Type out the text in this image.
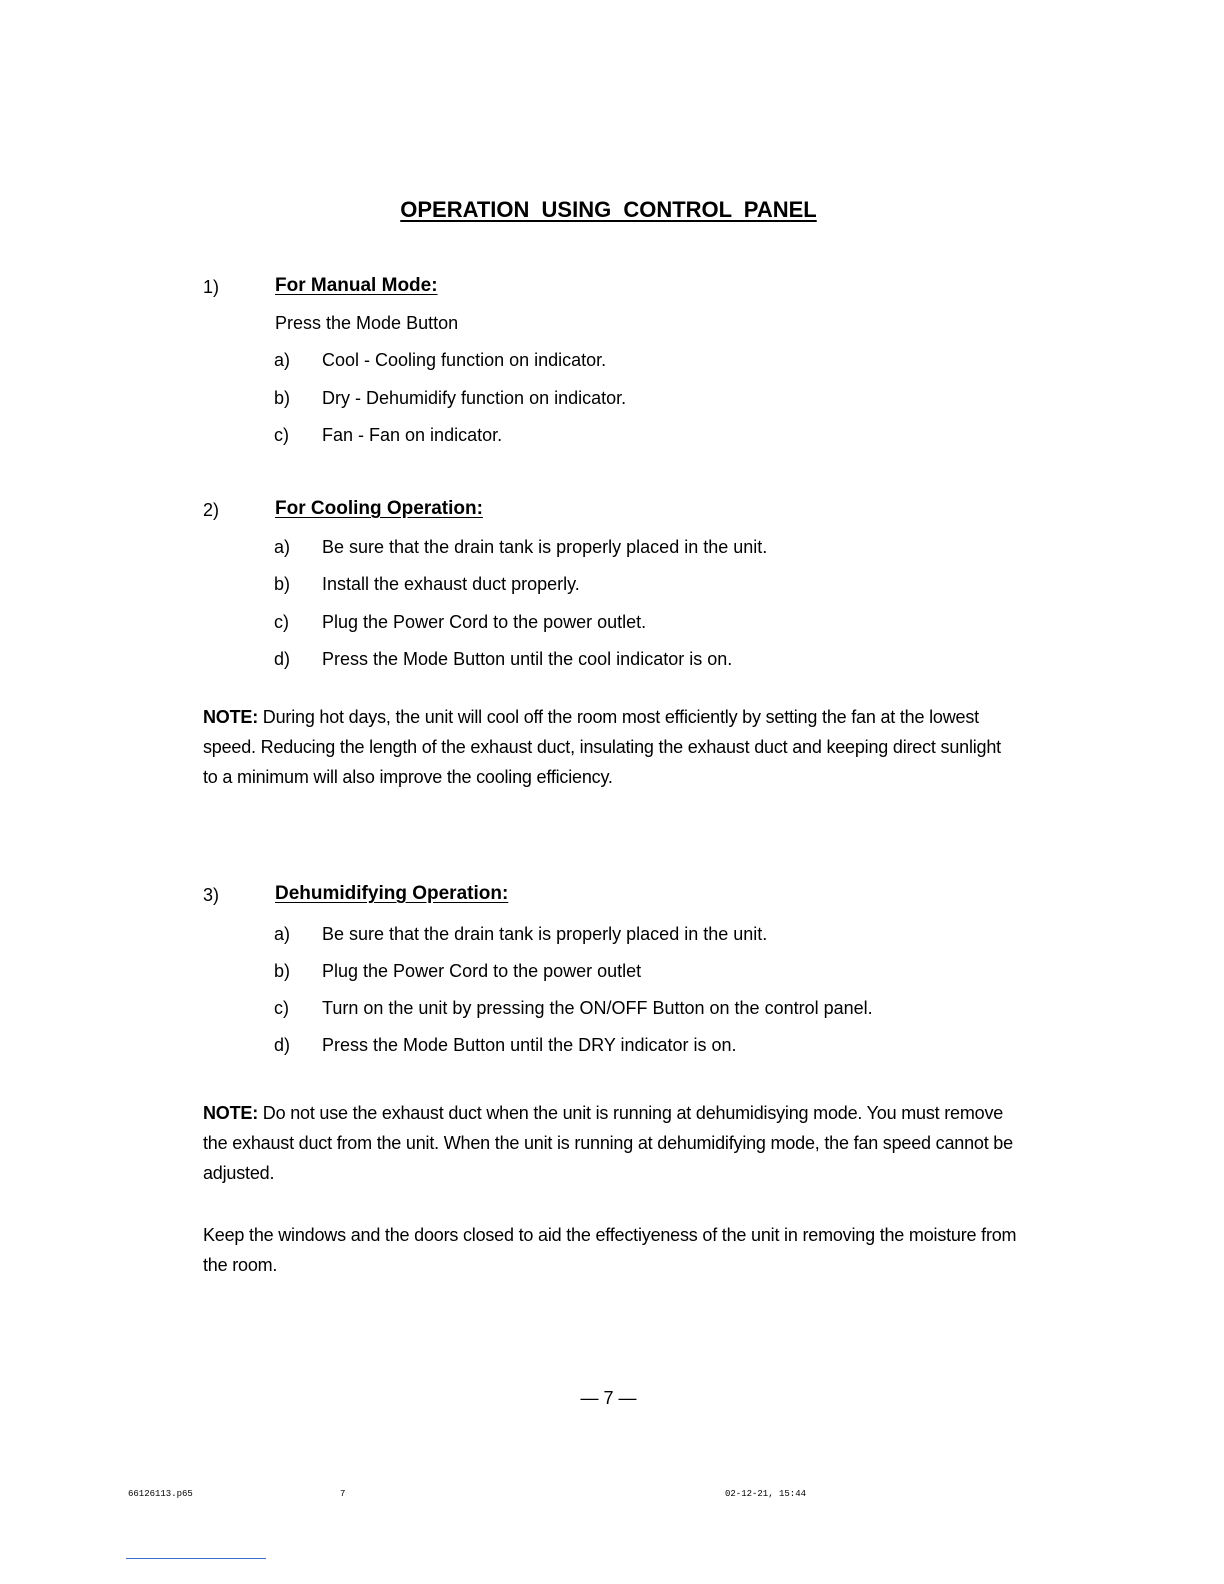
OPERATION USING CONTROL PANEL
1)	For Manual Mode:
Press the Mode Button
a) Cool - Cooling function on indicator.
b) Dry - Dehumidify function on indicator.
c) Fan - Fan on indicator.
2)	For Cooling Operation:
a) Be sure that the drain tank is properly placed in the unit.
b) Install the exhaust duct properly.
c) Plug the Power Cord to the power outlet.
d) Press the Mode Button until the cool indicator is on.
NOTE: During hot days, the unit will cool off the room most efficiently by setting the fan at the lowest speed. Reducing the length of the exhaust duct, insulating the exhaust duct and keeping direct sunlight to a minimum will also improve the cooling efficiency.
3)	Dehumidifying Operation:
a) Be sure that the drain tank is properly placed in the unit.
b) Plug the Power Cord to the power outlet
c) Turn on the unit by pressing the ON/OFF Button on the control panel.
d) Press the Mode Button until the DRY indicator is on.
NOTE: Do not use the exhaust duct when the unit is running at dehumidisying mode. You must remove the exhaust duct from the unit. When the unit is running at dehumidifying mode, the fan speed cannot be adjusted.
Keep the windows and the doors closed to aid the effectiyeness of the unit in removing the moisture from the room.
— 7 —
66126113.p65	7	02-12-21, 15:44
